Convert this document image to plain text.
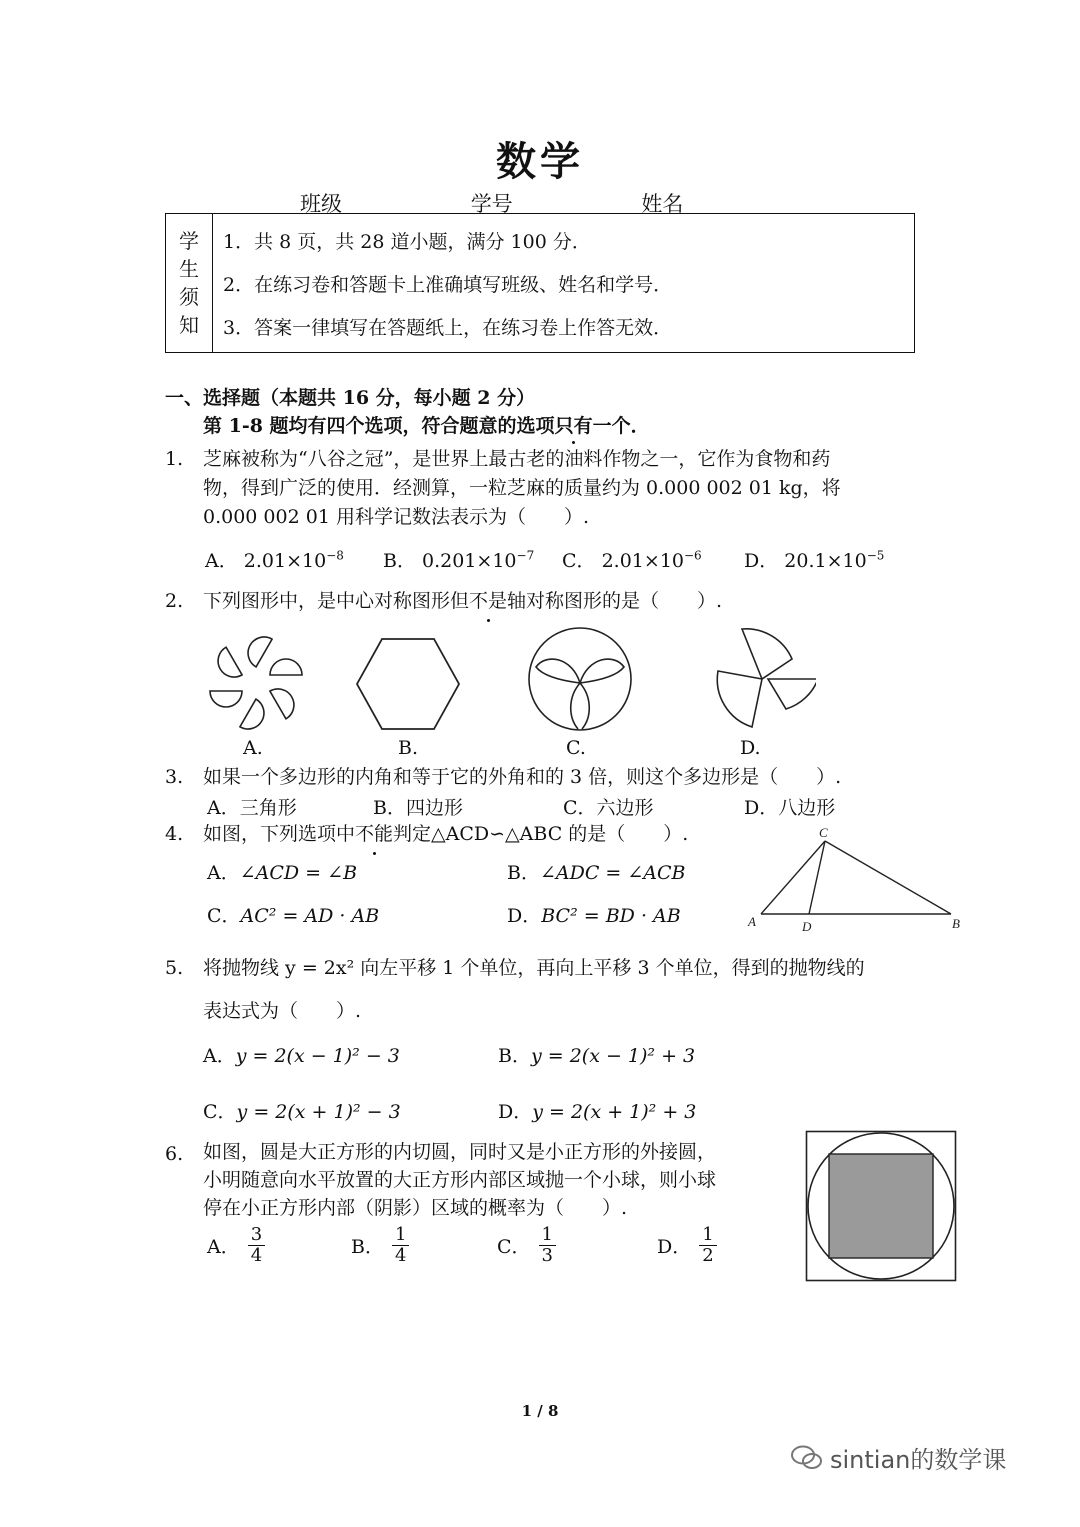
数学
班级	学号	姓名
学
生
须
知
1．共 8 页，共 28 道小题，满分 100 分．
2．在练习卷和答题卡上准确填写班级、姓名和学号．
3．答案一律填写在答题纸上，在练习卷上作答无效．
一、选择题（本题共 16 分，每小题 2 分）
第 1-8 题均有四个选项，符合题意的选项只有一个．
1. 芝麻被称为“八谷之冠”，是世界上最古老的油料作物之一，它作为食物和药
物，得到广泛的使用．经测算，一粒芝麻的质量约为 0.000 002 01 kg，将
0.000 002 01 用科学记数法表示为（　　）.
A． $2.01\times 10^{-8}$ B． $0.201\times 10^{-7}$ C． $2.01\times 10^{-6}$ D． $20.1\times 10^{-5}$
2. 下列图形中，是中心对称图形但不是轴对称图形的是（　　）.
A.	B.	C.	D.
3. 如果一个多边形的内角和等于它的外角和的 3 倍，则这个多边形是（　　）.
A．三角形	B．四边形	C．六边形	D．八边形
4. 如图，下列选项中不能判定△ACD∽△ABC 的是（　　）.
A．∠ACD = ∠B	B．∠ADC = ∠ACB
C．AC² = AD · AB	D．BC² = BD · AB	A	D
C
B
5. 将抛物线 y = 2x² 向左平移 1 个单位，再向上平移 3 个单位，得到的抛物线的
表达式为（　　）.
A．y = 2(x − 1)² − 3	B．y = 2(x − 1)² + 3
C．y = 2(x + 1)² − 3	D．y = 2(x + 1)² + 3
6. 如图，圆是大正方形的内切圆，同时又是小正方形的外接圆，
小明随意向水平放置的大正方形内部区域抛一个小球，则小球
停在小正方形内部（阴影）区域的概率为（　　）.
A． $\frac{3}{4}$	B． $\frac{1}{4}$	C． $\frac{1}{3}$	D． $\frac{1}{2}$
1 / 8
sintian的数学课
